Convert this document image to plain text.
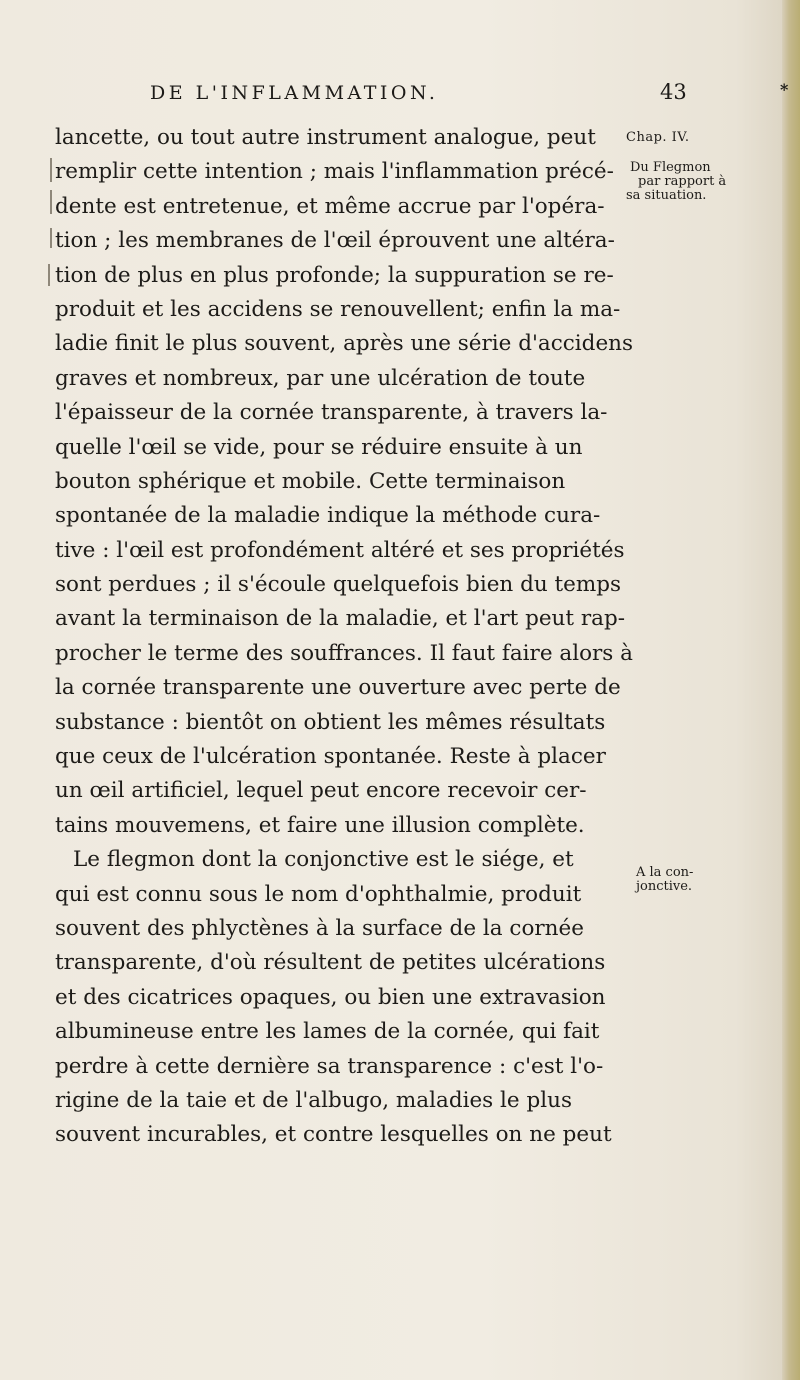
DE L'INFLAMMATION.	43	*
lancette, ou tout autre instrument analogue, peut
remplir cette intention ; mais l'inflammation précé-
dente est entretenue, et même accrue par l'opéra-
tion ; les membranes de l'œil éprouvent une altéra-
tion de plus en plus profonde; la suppuration se re-
produit et les accidens se renouvellent; enfin la ma-
ladie finit le plus souvent, après une série d'accidens
graves et nombreux, par une ulcération de toute
l'épaisseur de la cornée transparente, à travers la-
quelle l'œil se vide, pour se réduire ensuite à un
bouton sphérique et mobile. Cette terminaison
spontanée de la maladie indique la méthode cura-
tive : l'œil est profondément altéré et ses propriétés
sont perdues ; il s'écoule quelquefois bien du temps
avant la terminaison de la maladie, et l'art peut rap-
procher le terme des souffrances. Il faut faire alors à
la cornée transparente une ouverture avec perte de
substance : bientôt on obtient les mêmes résultats
que ceux de l'ulcération spontanée. Reste à placer
un œil artificiel, lequel peut encore recevoir cer-
tains mouvemens, et faire une illusion complète.
Le flegmon dont la conjonctive est le siége, et
qui est connu sous le nom d'ophthalmie, produit
souvent des phlyctènes à la surface de la cornée
transparente, d'où résultent de petites ulcérations
et des cicatrices opaques, ou bien une extravasion
albumineuse entre les lames de la cornée, qui fait
perdre à cette dernière sa transparence : c'est l'o-
rigine de la taie et de l'albugo, maladies le plus
souvent incurables, et contre lesquelles on ne peut
Chap. IV.
Du Flegmon
par rapport à
sa situation.
A la con-
jonctive.
